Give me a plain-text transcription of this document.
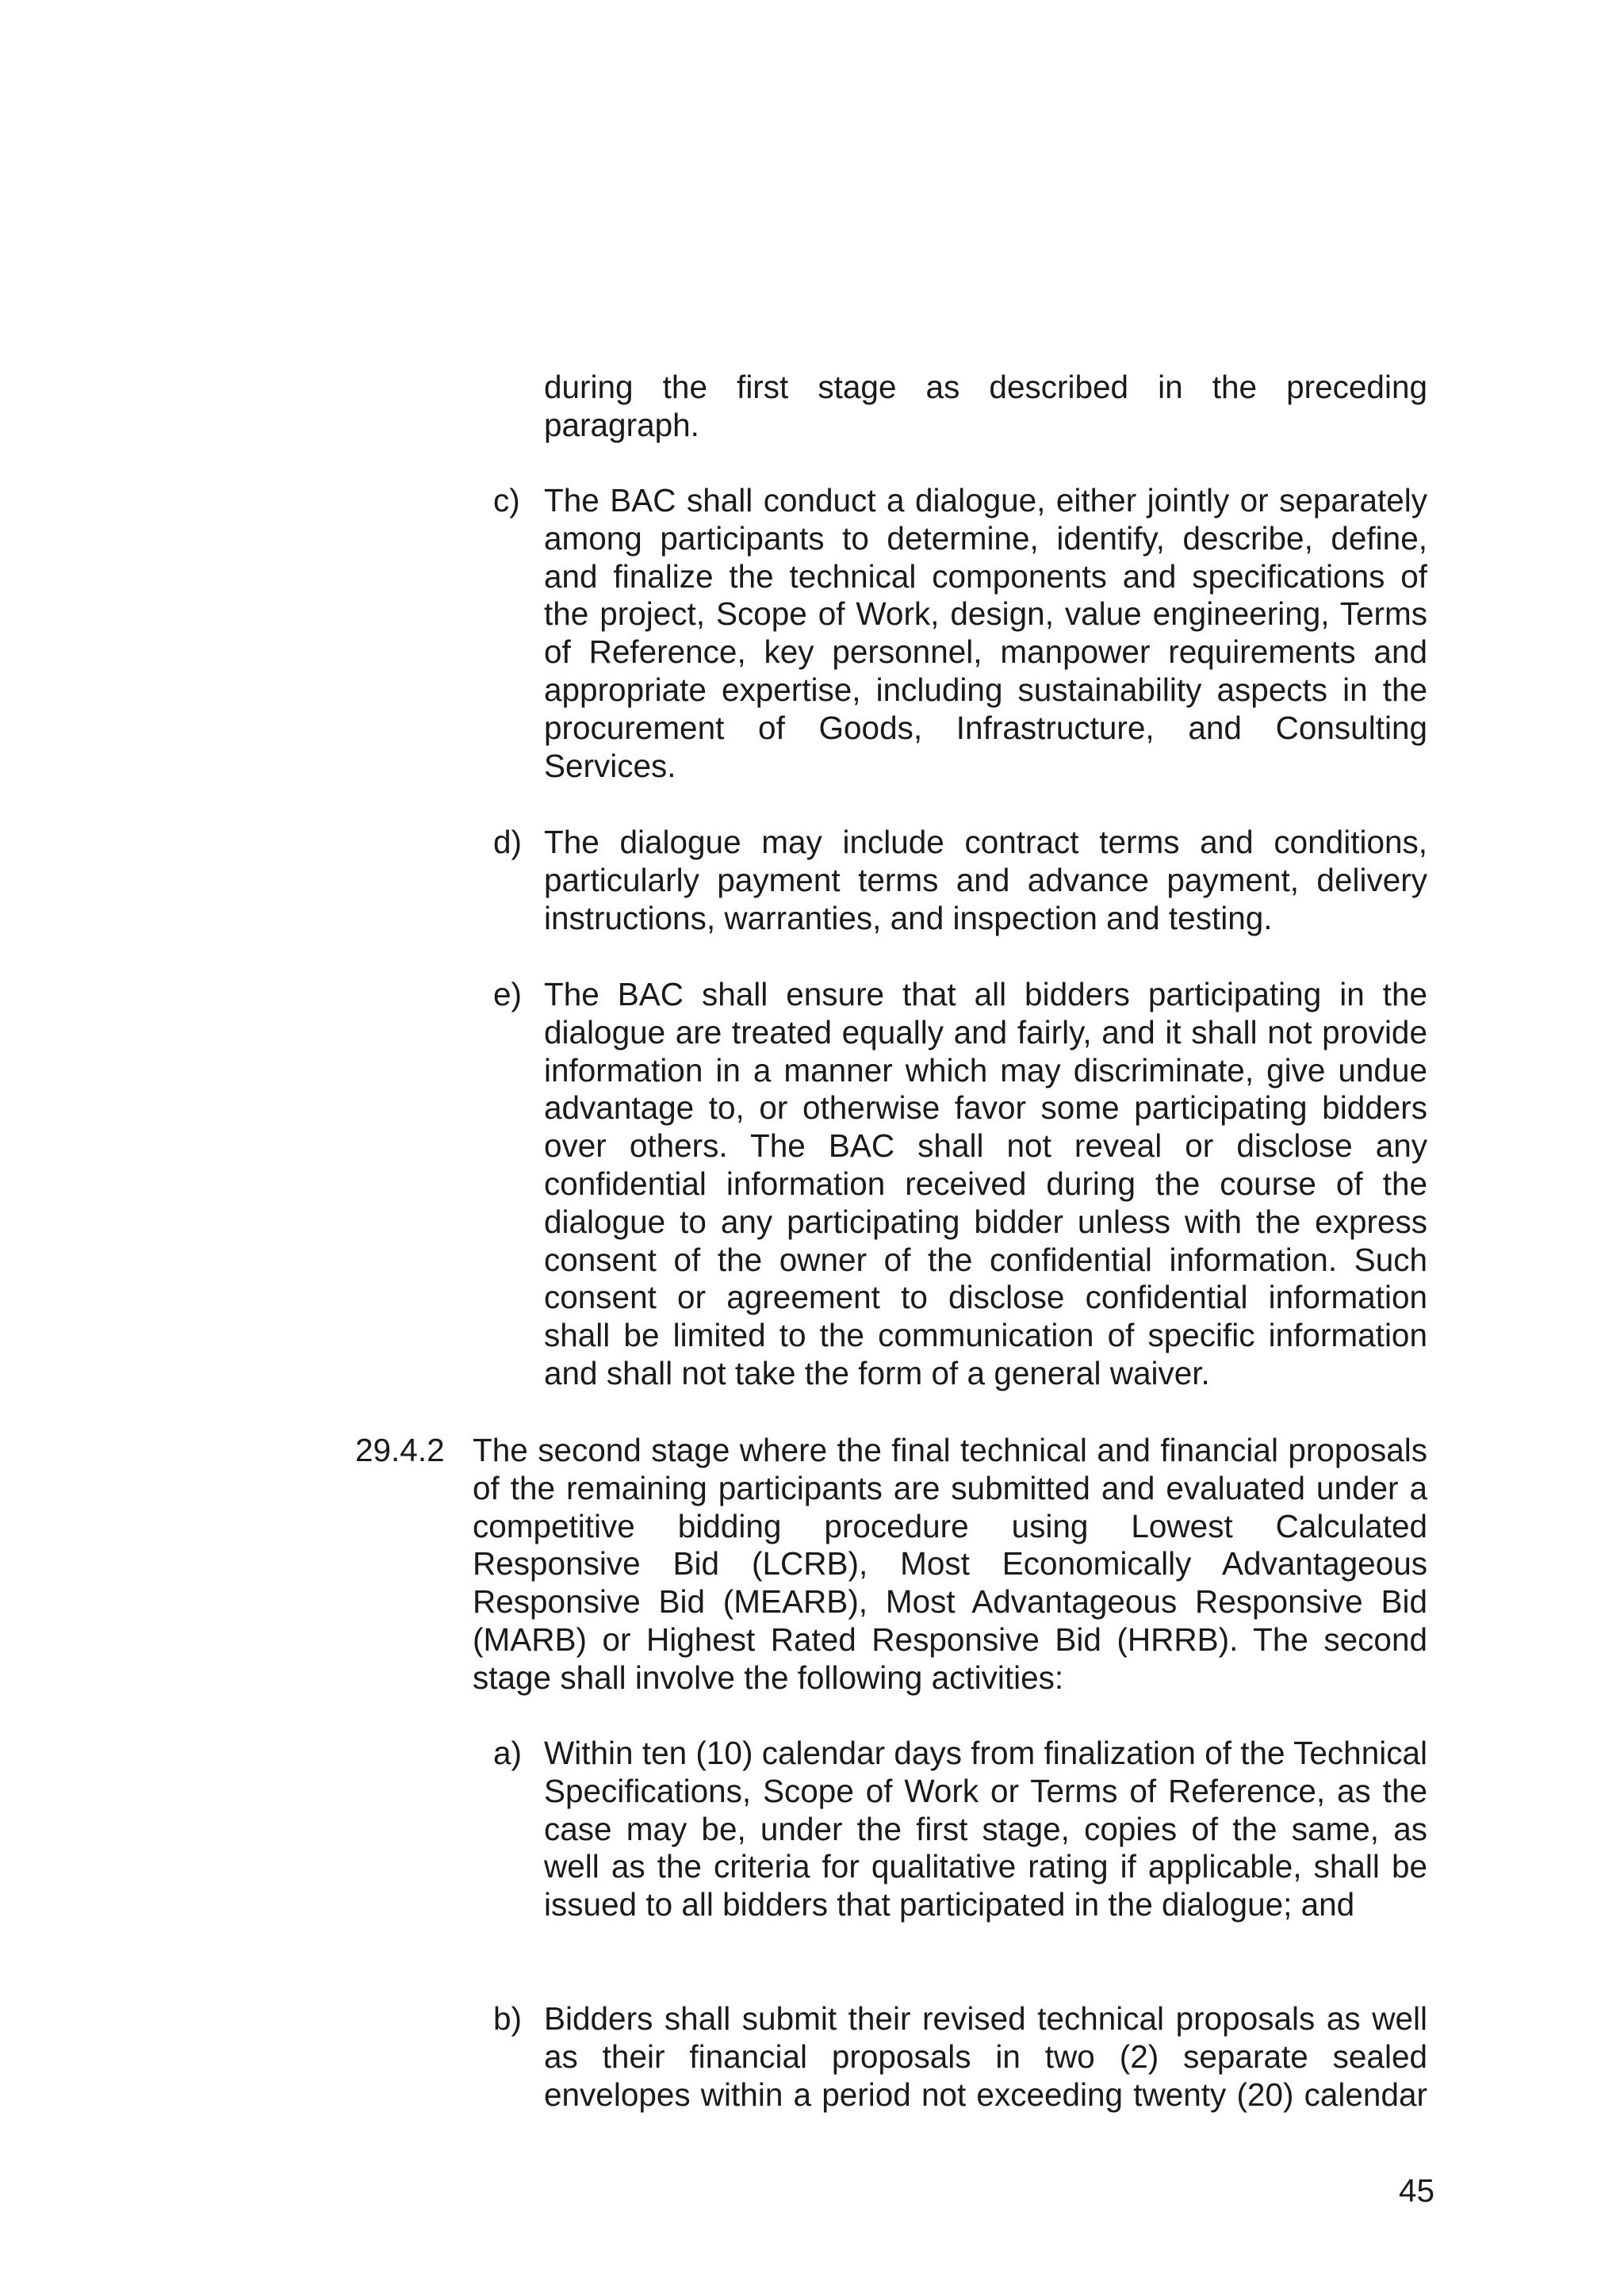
during the first stage as described in the preceding paragraph.

c) The BAC shall conduct a dialogue, either jointly or separately among participants to determine, identify, describe, define, and finalize the technical components and specifications of the project, Scope of Work, design, value engineering, Terms of Reference, key personnel, manpower requirements and appropriate expertise, including sustainability aspects in the procurement of Goods, Infrastructure, and Consulting Services.

d) The dialogue may include contract terms and conditions, particularly payment terms and advance payment, delivery instructions, warranties, and inspection and testing.

e) The BAC shall ensure that all bidders participating in the dialogue are treated equally and fairly, and it shall not provide information in a manner which may discriminate, give undue advantage to, or otherwise favor some participating bidders over others. The BAC shall not reveal or disclose any confidential information received during the course of the dialogue to any participating bidder unless with the express consent of the owner of the confidential information. Such consent or agreement to disclose confidential information shall be limited to the communication of specific information and shall not take the form of a general waiver.

29.4.2 The second stage where the final technical and financial proposals of the remaining participants are submitted and evaluated under a competitive bidding procedure using Lowest Calculated Responsive Bid (LCRB), Most Economically Advantageous Responsive Bid (MEARB), Most Advantageous Responsive Bid (MARB) or Highest Rated Responsive Bid (HRRB). The second stage shall involve the following activities:

a) Within ten (10) calendar days from finalization of the Technical Specifications, Scope of Work or Terms of Reference, as the case may be, under the first stage, copies of the same, as well as the criteria for qualitative rating if applicable, shall be issued to all bidders that participated in the dialogue; and

b) Bidders shall submit their revised technical proposals as well as their financial proposals in two (2) separate sealed envelopes within a period not exceeding twenty (20) calendar

45
